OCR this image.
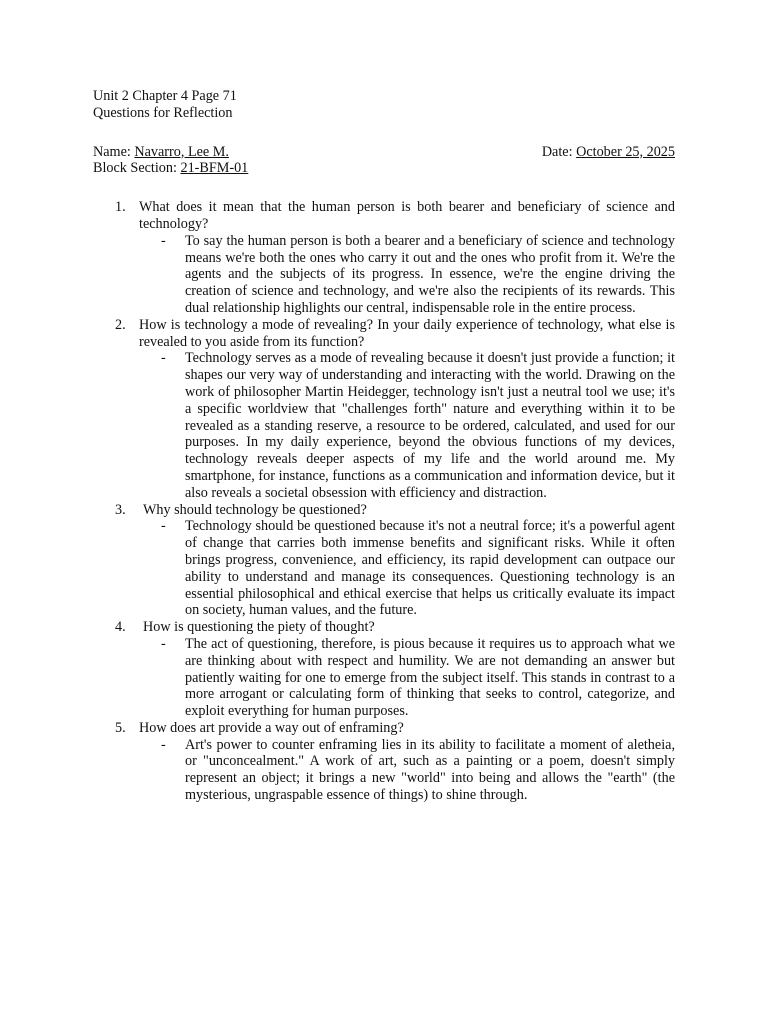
Unit 2 Chapter 4 Page 71
Questions for Reflection
Name: Navarro, Lee M.	Date: October 25, 2025
Block Section: 21-BFM-01
1. What does it mean that the human person is both bearer and beneficiary of science and technology?
- To say the human person is both a bearer and a beneficiary of science and technology means we're both the ones who carry it out and the ones who profit from it. We're the agents and the subjects of its progress. In essence, we're the engine driving the creation of science and technology, and we're also the recipients of its rewards. This dual relationship highlights our central, indispensable role in the entire process.
2. How is technology a mode of revealing? In your daily experience of technology, what else is revealed to you aside from its function?
- Technology serves as a mode of revealing because it doesn't just provide a function; it shapes our very way of understanding and interacting with the world. Drawing on the work of philosopher Martin Heidegger, technology isn't just a neutral tool we use; it's a specific worldview that "challenges forth" nature and everything within it to be revealed as a standing reserve, a resource to be ordered, calculated, and used for our purposes. In my daily experience, beyond the obvious functions of my devices, technology reveals deeper aspects of my life and the world around me. My smartphone, for instance, functions as a communication and information device, but it also reveals a societal obsession with efficiency and distraction.
3. Why should technology be questioned?
- Technology should be questioned because it's not a neutral force; it's a powerful agent of change that carries both immense benefits and significant risks. While it often brings progress, convenience, and efficiency, its rapid development can outpace our ability to understand and manage its consequences. Questioning technology is an essential philosophical and ethical exercise that helps us critically evaluate its impact on society, human values, and the future.
4. How is questioning the piety of thought?
- The act of questioning, therefore, is pious because it requires us to approach what we are thinking about with respect and humility. We are not demanding an answer but patiently waiting for one to emerge from the subject itself. This stands in contrast to a more arrogant or calculating form of thinking that seeks to control, categorize, and exploit everything for human purposes.
5. How does art provide a way out of enframing?
- Art's power to counter enframing lies in its ability to facilitate a moment of aletheia, or "unconcealment." A work of art, such as a painting or a poem, doesn't simply represent an object; it brings a new "world" into being and allows the "earth" (the mysterious, ungraspable essence of things) to shine through.
